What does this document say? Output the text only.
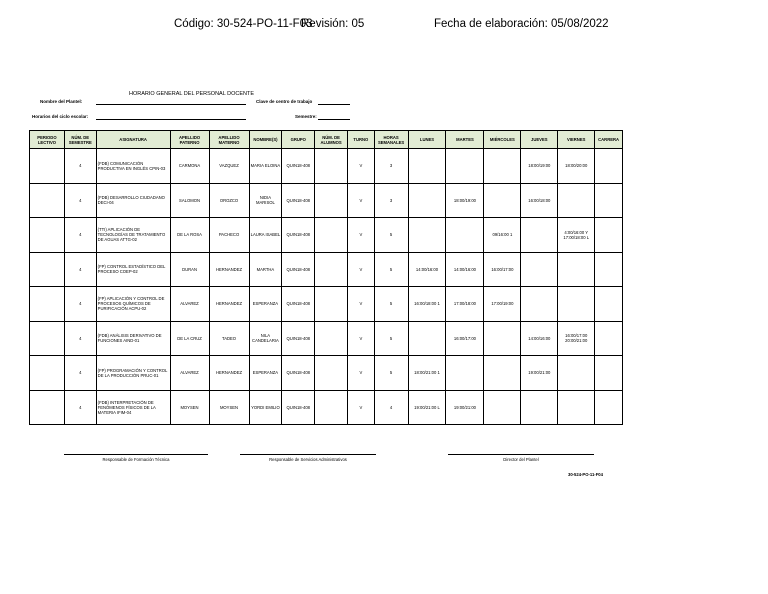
Código: 30-524-PO-11-F03
Revisión: 05	Fecha de elaboración: 05/08/2022
HORARIO GENERAL DEL PERSONAL DOCENTE
Nombre del Plantel:	Clave de centro de trabajo
Horarios del ciclo escolar:	Semestre:
PERIODO LECTIVO	NÚM. DE SEMESTRE	ASIGNATURA	APELLIDO PATERNO	APELLIDO MATERNO	NOMBRE(S)	GRUPO	NÚM. DE ALUMNOS	TURNO	HORAS SEMANALES	LUNES	MARTES	MIÉRCOLES	JUEVES	VIERNES	CARRERA
	4	(FDB) COMUNICACIÓN PRODUCTIVA EN INGLÉS CPIN-03	CARMONA	VAZQUEZ	MARIA ELOINA	QUIN18-408		V	3				18:00/19:00	18:00/20:00	
	4	(FDB) DESARROLLO CIUDADANO DECI-04	SALOMON	OROZCO	NIDIA MARISOL	QUIN18-408		V	3		18:00/19:00		16:00/18:00		
	4	(TTI) APLICACIÓN DE TECNOLOGÍAS DE TRATAMIENTO DE AGUAS ATTG-02	DE LA ROSA	PACHECO	LAURA ISABEL	QUIN18-408		V	5			09/16:00 1		4:00/16:00 Y 17:00/18:00 L	
	4	(FP) CONTROL ESTADÍSTICO DEL PROCESO COEP-02	DURAN	HERNANDEZ	MARTHA	QUIN18-408		V	5	14:00/16:00	14:00/16:00	16:00/17:00			
	4	(FP) APLICACIÓN Y CONTROL DE PROCESOS QUÍMICOS DE PURIFICACIÓN ACPU-02	ALVAREZ	HERNANDEZ	ESPERANZA	QUIN18-408		V	5	16:00/18:00 1	17:00/18:00	17:00/19:00			
	4	(FDB) ANÁLISIS DERIVATIVO DE FUNCIONES AIND-01	DE LA CRUZ	TADEO	NILA CANDELARIA	QUIN18-408		V	5		16:00/17:00		14:00/16:00	16:00/17:00 20:00/21:00	
	4	(FP) PROGRAMACIÓN Y CONTROL DE LA PRODUCCIÓN PRUC-01	ALVAREZ	HERNANDEZ	ESPERANZA	QUIN18-408		V	5	18:00/21:00 1			19:00/21:00		
	4	(FDB) INTERPRETACIÓN DE FENÓMENOS FÍSICOS DE LA MATERIA IFIM-04	MOYSEN	MOYSEN	YORDI EMILIO	QUIN18-408		V	4	19:00/21:00 L	19:00/21:00				
Responsable de Formación Técnica	Responsable de Servicios Administrativos	Director del Plantel
30-524-PO-11-F04
